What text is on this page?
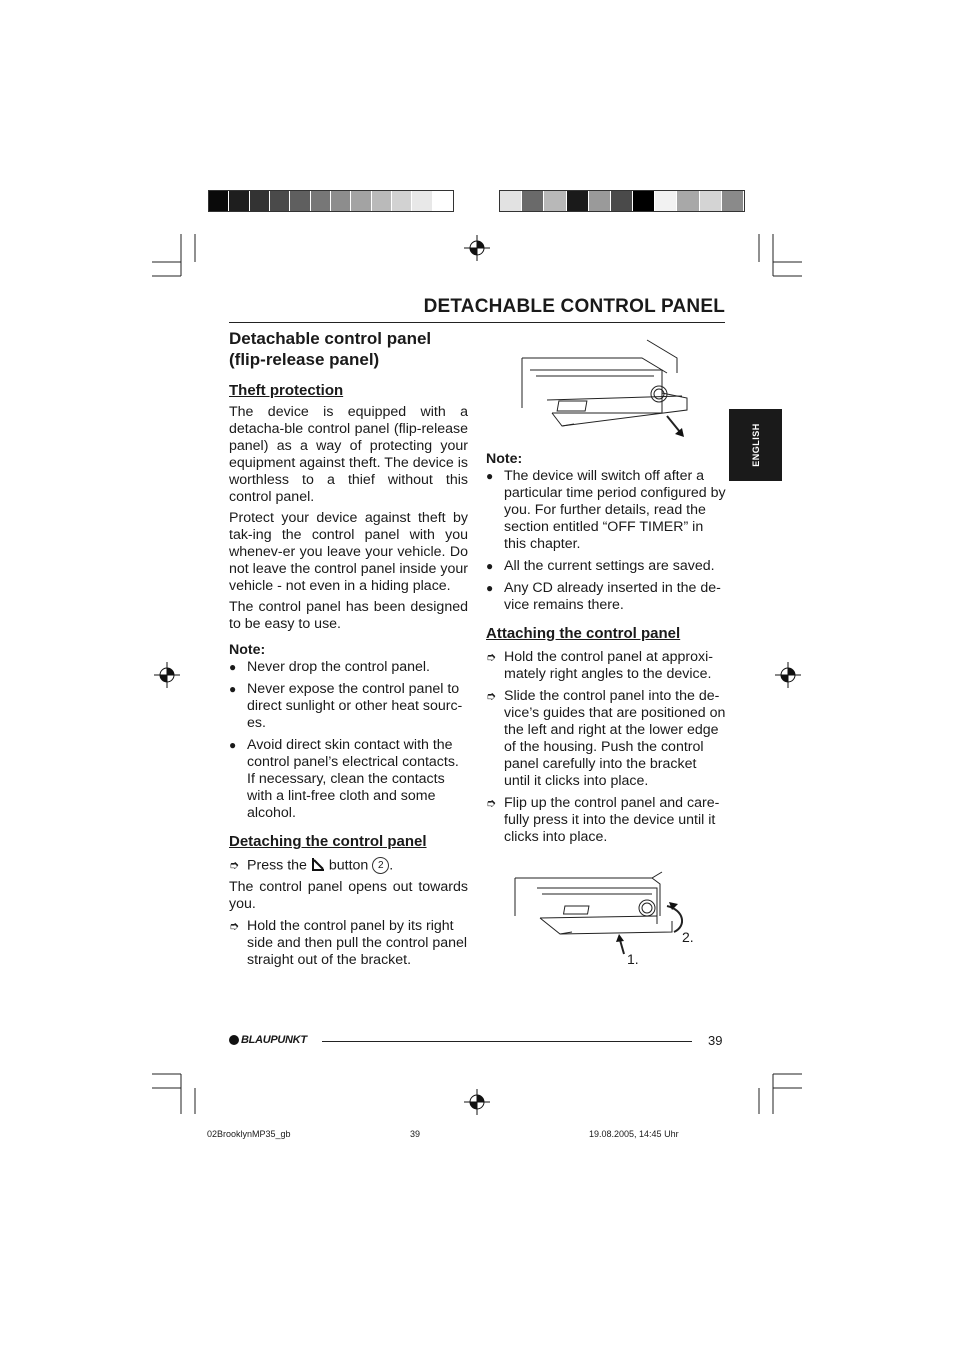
DETACHABLE CONTROL PANEL
ENGLISH

Detachable control panel

(flip-release panel)

Theft protection

The device is equipped with a detacha-ble control panel (flip-release panel) as a way of protecting your equipment against theft. The device is worthless to a thief without this control panel.

Protect your device against theft by tak-ing the control panel with you whenev-er you leave your vehicle. Do not leave the control panel inside your vehicle - not even in a hiding place.

The control panel has been designed to be easy to use.

Note:

● Never drop the control panel.
● Never expose the control panel to direct sunlight or other heat sourc-es.
● Avoid direct skin contact with the control panel’s electrical contacts. If necessary, clean the contacts with a lint-free cloth and some alcohol.

Detaching the control panel

➮ Press the button 2 .

The control panel opens out towards you.

➮ Hold the control panel by its right side and then pull the control panel straight out of the bracket.

Note:

● The device will switch off after a particular time period configured by you. For further details, read the section entitled “OFF TIMER” in this chapter.
● All the current settings are saved.
● Any CD already inserted in the de-vice remains there.

Attaching the control panel

➮ Hold the control panel at approxi-mately right angles to the device.
➮ Slide the control panel into the de-vice’s guides that are positioned on the left and right at the lower edge of the housing. Push the control panel carefully into the bracket until it clicks into place.
➮ Flip up the control panel and care-fully press it into the device until it clicks into place.
1.
2.
BLAUPUNKT	39
02BrooklynMP35_gb	39	19.08.2005, 14:45 Uhr
